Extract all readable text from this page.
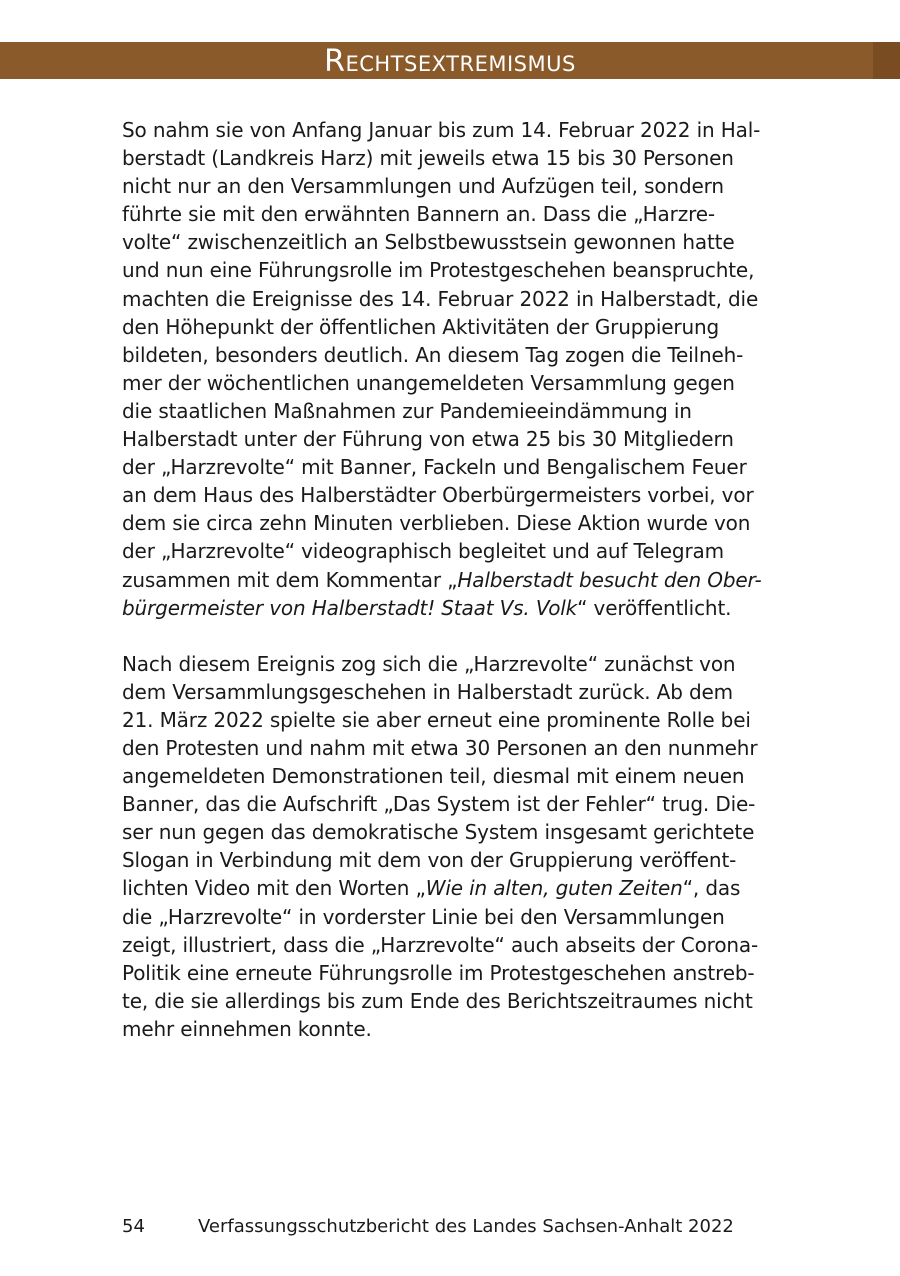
Rechtsextremismus

So nahm sie von Anfang Januar bis zum 14. Februar 2022 in Hal-
berstadt (Landkreis Harz) mit jeweils etwa 15 bis 30 Personen
nicht nur an den Versammlungen und Aufzügen teil, sondern
führte sie mit den erwähnten Bannern an. Dass die „Harzre-
volte“ zwischenzeitlich an Selbstbewusstsein gewonnen hatte
und nun eine Führungsrolle im Protestgeschehen beanspruchte,
machten die Ereignisse des 14. Februar 2022 in Halberstadt, die
den Höhepunkt der öffentlichen Aktivitäten der Gruppierung
bildeten, besonders deutlich. An diesem Tag zogen die Teilneh-
mer der wöchentlichen unangemeldeten Versammlung gegen
die staatlichen Maßnahmen zur Pandemieeindämmung in
Halberstadt unter der Führung von etwa 25 bis 30 Mitgliedern
der „Harzrevolte“ mit Banner, Fackeln und Bengalischem Feuer
an dem Haus des Halberstädter Oberbürgermeisters vorbei, vor
dem sie circa zehn Minuten verblieben. Diese Aktion wurde von
der „Harzrevolte“ videographisch begleitet und auf Telegram
zusammen mit dem Kommentar „Halberstadt besucht den Ober-
bürgermeister von Halberstadt! Staat Vs. Volk“ veröffentlicht.

Nach diesem Ereignis zog sich die „Harzrevolte“ zunächst von
dem Versammlungsgeschehen in Halberstadt zurück. Ab dem
21. März 2022 spielte sie aber erneut eine prominente Rolle bei
den Protesten und nahm mit etwa 30 Personen an den nunmehr
angemeldeten Demonstrationen teil, diesmal mit einem neuen
Banner, das die Aufschrift „Das System ist der Fehler“ trug. Die-
ser nun gegen das demokratische System insgesamt gerichtete
Slogan in Verbindung mit dem von der Gruppierung veröffent-
lichten Video mit den Worten „Wie in alten, guten Zeiten“, das
die „Harzrevolte“ in vorderster Linie bei den Versammlungen
zeigt, illustriert, dass die „Harzrevolte“ auch abseits der Corona-
Politik eine erneute Führungsrolle im Protestgeschehen anstreb-
te, die sie allerdings bis zum Ende des Berichtszeitraumes nicht
mehr einnehmen konnte.

54	Verfassungsschutzbericht des Landes Sachsen-Anhalt 2022
